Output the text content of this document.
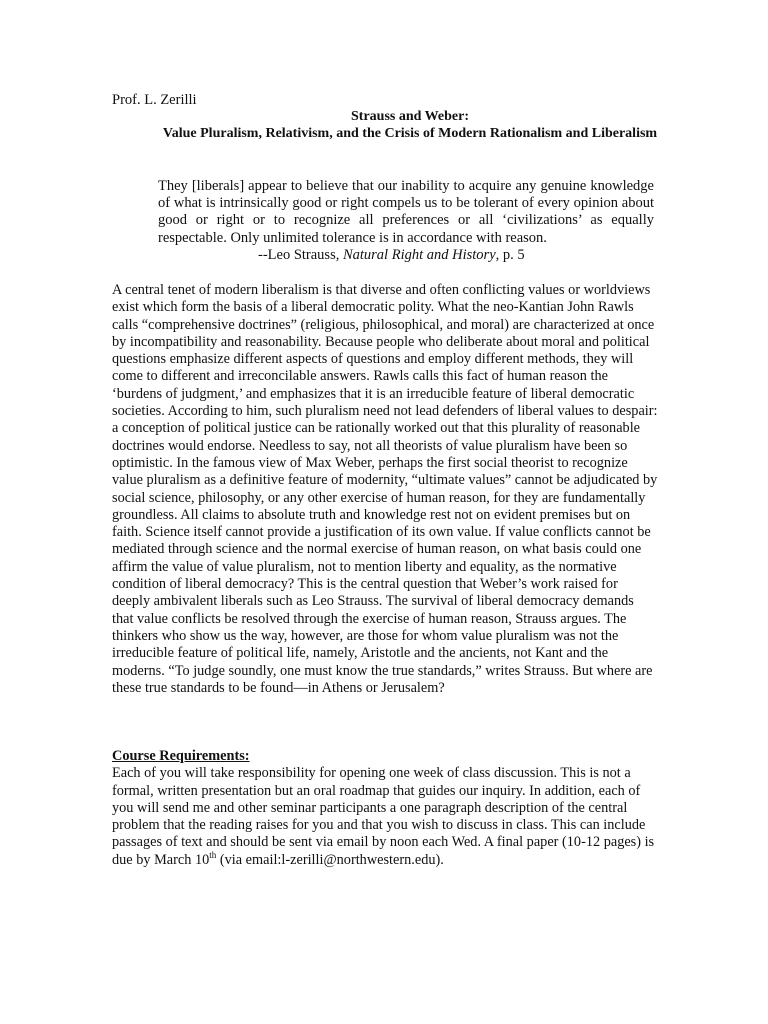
Prof. L. Zerilli
Strauss and Weber:

Value Pluralism, Relativism, and the Crisis of Modern Rationalism and Liberalism
They [liberals] appear to believe that our inability to acquire any genuine knowledge of what is intrinsically good or right compels us to be tolerant of every opinion about good or right or to recognize all preferences or all ‘civilizations’ as equally respectable. Only unlimited tolerance is in accordance with reason.
--Leo Strauss, Natural Right and History, p. 5

A central tenet of modern liberalism is that diverse and often conflicting values or worldviews exist which form the basis of a liberal democratic polity. What the neo-Kantian John Rawls calls “comprehensive doctrines” (religious, philosophical, and moral) are characterized at once by incompatibility and reasonability. Because people who deliberate about moral and political questions emphasize different aspects of questions and employ different methods, they will come to different and irreconcilable answers. Rawls calls this fact of human reason the ‘burdens of judgment,’ and emphasizes that it is an irreducible feature of liberal democratic societies. According to him, such pluralism need not lead defenders of liberal values to despair: a conception of political justice can be rationally worked out that this plurality of reasonable doctrines would endorse. Needless to say, not all theorists of value pluralism have been so optimistic. In the famous view of Max Weber, perhaps the first social theorist to recognize value pluralism as a definitive feature of modernity, “ultimate values” cannot be adjudicated by social science, philosophy, or any other exercise of human reason, for they are fundamentally groundless. All claims to absolute truth and knowledge rest not on evident premises but on faith. Science itself cannot provide a justification of its own value. If value conflicts cannot be mediated through science and the normal exercise of human reason, on what basis could one affirm the value of value pluralism, not to mention liberty and equality, as the normative condition of liberal democracy? This is the central question that Weber’s work raised for deeply ambivalent liberals such as Leo Strauss. The survival of liberal democracy demands that value conflicts be resolved through the exercise of human reason, Strauss argues. The thinkers who show us the way, however, are those for whom value pluralism was not the irreducible feature of political life, namely, Aristotle and the ancients, not Kant and the moderns. “To judge soundly, one must know the true standards,” writes Strauss. But where are these true standards to be found—in Athens or Jerusalem?

Course Requirements:

Each of you will take responsibility for opening one week of class discussion. This is not a formal, written presentation but an oral roadmap that guides our inquiry. In addition, each of you will send me and other seminar participants a one paragraph description of the central problem that the reading raises for you and that you wish to discuss in class. This can include passages of text and should be sent via email by noon each Wed. A final paper (10-12 pages) is due by March 10th (via email:l-zerilli@northwestern.edu).
